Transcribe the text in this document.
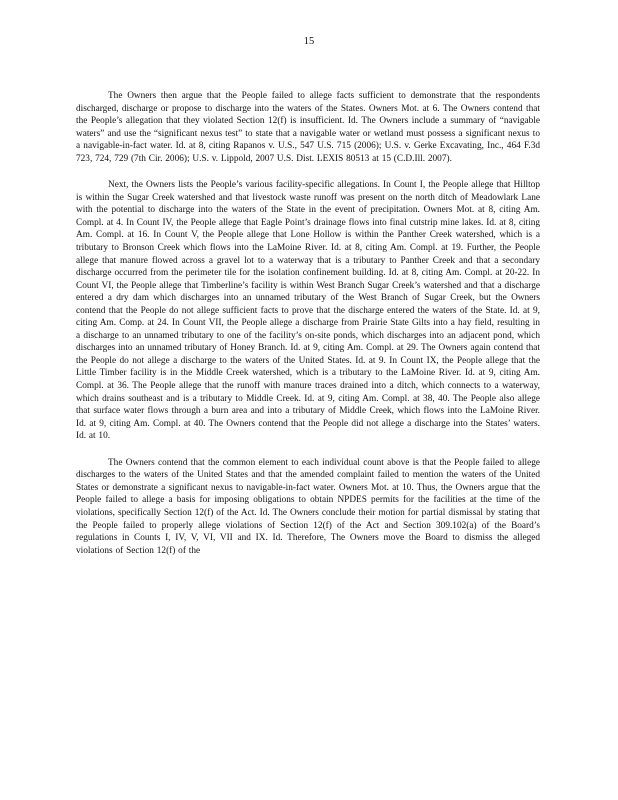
15

The Owners then argue that the People failed to allege facts sufficient to demonstrate that the respondents discharged, discharge or propose to discharge into the waters of the States. Owners Mot. at 6. The Owners contend that the People’s allegation that they violated Section 12(f) is insufficient. Id. The Owners include a summary of “navigable waters” and use the “significant nexus test” to state that a navigable water or wetland must possess a significant nexus to a navigable-in-fact water. Id. at 8, citing Rapanos v. U.S., 547 U.S. 715 (2006); U.S. v. Gerke Excavating, Inc., 464 F.3d 723, 724, 729 (7th Cir. 2006); U.S. v. Lippold, 2007 U.S. Dist. LEXIS 80513 at 15 (C.D.Ill. 2007).

Next, the Owners lists the People’s various facility-specific allegations. In Count I, the People allege that Hilltop is within the Sugar Creek watershed and that livestock waste runoff was present on the north ditch of Meadowlark Lane with the potential to discharge into the waters of the State in the event of precipitation. Owners Mot. at 8, citing Am. Compl. at 4. In Count IV, the People allege that Eagle Point’s drainage flows into final cutstrip mine lakes. Id. at 8, citing Am. Compl. at 16. In Count V, the People allege that Lone Hollow is within the Panther Creek watershed, which is a tributary to Bronson Creek which flows into the LaMoine River. Id. at 8, citing Am. Compl. at 19. Further, the People allege that manure flowed across a gravel lot to a waterway that is a tributary to Panther Creek and that a secondary discharge occurred from the perimeter tile for the isolation confinement building. Id. at 8, citing Am. Compl. at 20-22. In Count VI, the People allege that Timberline’s facility is within West Branch Sugar Creek’s watershed and that a discharge entered a dry dam which discharges into an unnamed tributary of the West Branch of Sugar Creek, but the Owners contend that the People do not allege sufficient facts to prove that the discharge entered the waters of the State. Id. at 9, citing Am. Comp. at 24. In Count VII, the People allege a discharge from Prairie State Gilts into a hay field, resulting in a discharge to an unnamed tributary to one of the facility’s on-site ponds, which discharges into an adjacent pond, which discharges into an unnamed tributary of Honey Branch. Id. at 9, citing Am. Compl. at 29. The Owners again contend that the People do not allege a discharge to the waters of the United States. Id. at 9. In Count IX, the People allege that the Little Timber facility is in the Middle Creek watershed, which is a tributary to the LaMoine River. Id. at 9, citing Am. Compl. at 36. The People allege that the runoff with manure traces drained into a ditch, which connects to a waterway, which drains southeast and is a tributary to Middle Creek. Id. at 9, citing Am. Compl. at 38, 40. The People also allege that surface water flows through a burn area and into a tributary of Middle Creek, which flows into the LaMoine River. Id. at 9, citing Am. Compl. at 40. The Owners contend that the People did not allege a discharge into the States’ waters. Id. at 10.

The Owners contend that the common element to each individual count above is that the People failed to allege discharges to the waters of the United States and that the amended complaint failed to mention the waters of the United States or demonstrate a significant nexus to navigable-in-fact water. Owners Mot. at 10. Thus, the Owners argue that the People failed to allege a basis for imposing obligations to obtain NPDES permits for the facilities at the time of the violations, specifically Section 12(f) of the Act. Id. The Owners conclude their motion for partial dismissal by stating that the People failed to properly allege violations of Section 12(f) of the Act and Section 309.102(a) of the Board’s regulations in Counts I, IV, V, VI, VII and IX. Id. Therefore, The Owners move the Board to dismiss the alleged violations of Section 12(f) of the
